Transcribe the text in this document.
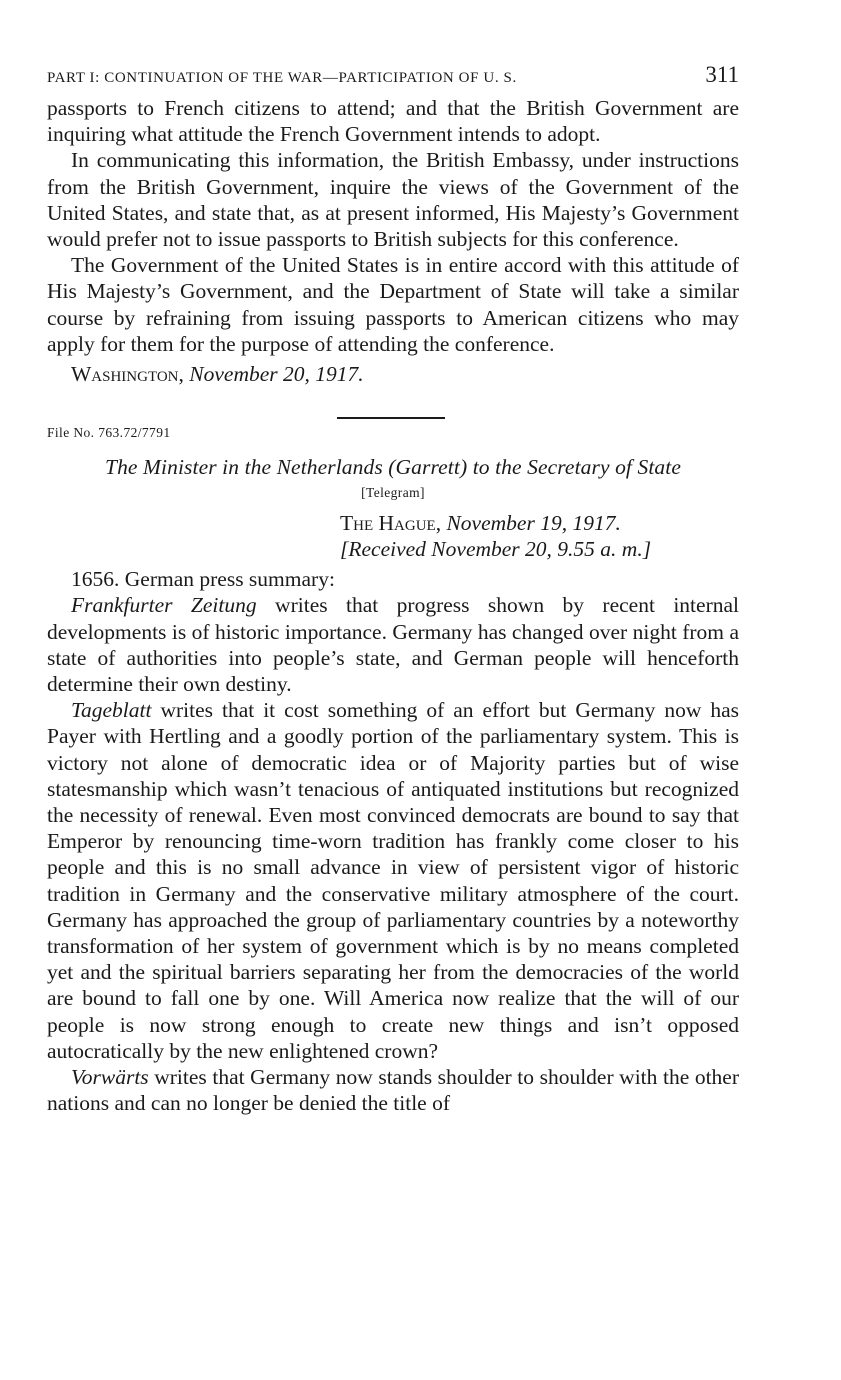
PART I: CONTINUATION OF THE WAR—PARTICIPATION OF U. S.	311

passports to French citizens to attend; and that the British Government are inquiring what attitude the French Government intends to adopt.

In communicating this information, the British Embassy, under instructions from the British Government, inquire the views of the Government of the United States, and state that, as at present informed, His Majesty’s Government would prefer not to issue passports to British subjects for this conference.

The Government of the United States is in entire accord with this attitude of His Majesty’s Government, and the Department of State will take a similar course by refraining from issuing passports to American citizens who may apply for them for the purpose of attending the conference.

Washington, November 20, 1917.

File No. 763.72/7791
The Minister in the Netherlands (Garrett) to the Secretary of State
[Telegram]
The Hague, November 19, 1917.
[Received November 20, 9.55 a. m.]

1656. German press summary:

Frankfurter Zeitung writes that progress shown by recent internal developments is of historic importance. Germany has changed over night from a state of authorities into people’s state, and German people will henceforth determine their own destiny.

Tageblatt writes that it cost something of an effort but Germany now has Payer with Hertling and a goodly portion of the parliamentary system. This is victory not alone of democratic idea or of Majority parties but of wise statesmanship which wasn’t tenacious of antiquated institutions but recognized the necessity of renewal. Even most convinced democrats are bound to say that Emperor by renouncing time-worn tradition has frankly come closer to his people and this is no small advance in view of persistent vigor of historic tradition in Germany and the conservative military atmosphere of the court. Germany has approached the group of parliamentary countries by a noteworthy transformation of her system of government which is by no means completed yet and the spiritual barriers separating her from the democracies of the world are bound to fall one by one. Will America now realize that the will of our people is now strong enough to create new things and isn’t opposed autocratically by the new enlightened crown?

Vorwärts writes that Germany now stands shoulder to shoulder with the other nations and can no longer be denied the title of
